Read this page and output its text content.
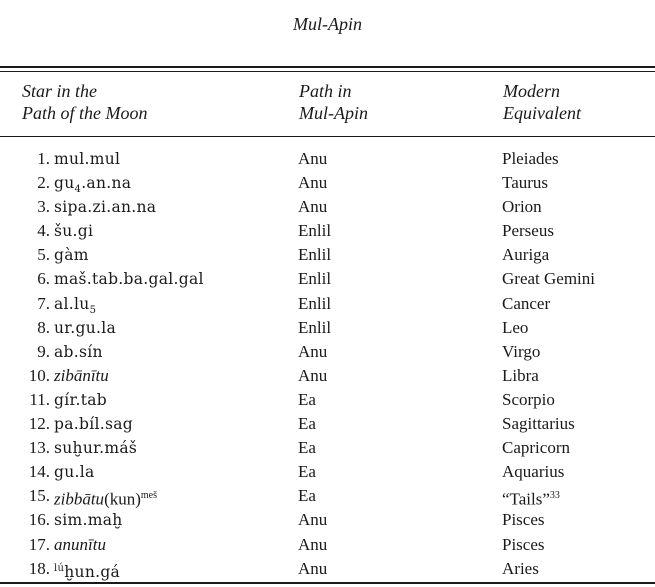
Mul-Apin
Star in the
Path of the Moon
Path in
Mul-Apin
Modern
Equivalent
1. mul.mul	Anu	Pleiades
2. $gu_4.an.na$	Anu	Taurus
3. sipa.zi.an.na	Anu	Orion
4. šu.gi	Enlil	Perseus
5. gàm	Enlil	Auriga
6. maš.tab.ba.gal.gal	Enlil	Great Gemini
7. $al.lu_5$	Enlil	Cancer
8. ur.gu.la	Enlil	Leo
9. ab.sín	Anu	Virgo
10. zibānītu	Anu	Libra
11. gír.tab	Ea	Scorpio
12. pa.bíl.sag	Ea	Sagittarius
13. suḫur.máš	Ea	Capricorn
14. gu.la	Ea	Aquarius
15. zibbātu(kun)$^{meš}$	Ea	“Tails”$^{33}$
16. sim.maḫ	Anu	Pisces
17. anunītu	Anu	Pisces
18. $^{lú}$ḫun.gá	Anu	Aries
